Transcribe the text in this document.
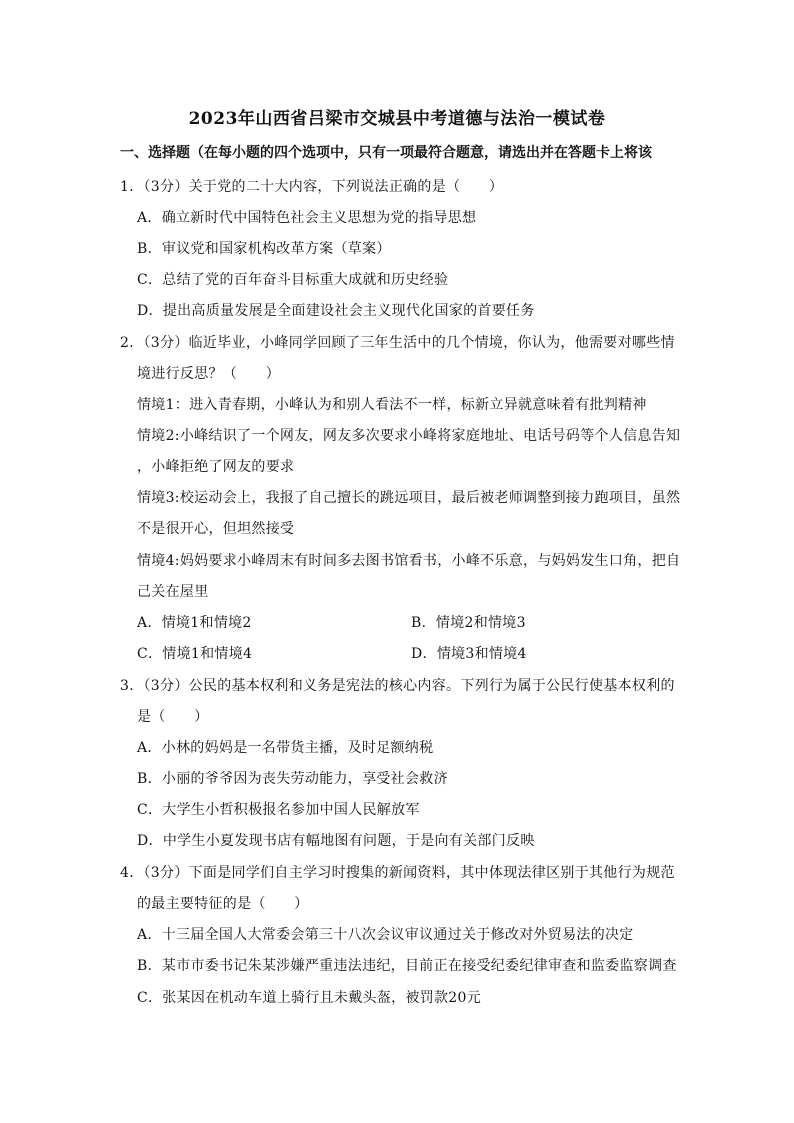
2023年山西省吕梁市交城县中考道德与法治一模试卷
一、选择题（在每小题的四个选项中，只有一项最符合题意，请选出并在答题卡上将该
1．（3分）关于党的二十大内容，下列说法正确的是（　　）
A．确立新时代中国特色社会主义思想为党的指导思想
B．审议党和国家机构改革方案（草案）
C．总结了党的百年奋斗目标重大成就和历史经验
D．提出高质量发展是全面建设社会主义现代化国家的首要任务
2．（3分）临近毕业，小峰同学回顾了三年生活中的几个情境，你认为，他需要对哪些情
境进行反思？（　　）
情境1：进入青春期，小峰认为和别人看法不一样，标新立异就意味着有批判精神
情境2:小峰结识了一个网友，网友多次要求小峰将家庭地址、电话号码等个人信息告知
，小峰拒绝了网友的要求
情境3:校运动会上，我报了自己擅长的跳远项目，最后被老师调整到接力跑项目，虽然
不是很开心，但坦然接受
情境4:妈妈要求小峰周末有时间多去图书馆看书，小峰不乐意，与妈妈发生口角，把自
己关在屋里
A．情境1和情境2	B．情境2和情境3
C．情境1和情境4	D．情境3和情境4
3．（3分）公民的基本权利和义务是宪法的核心内容。下列行为属于公民行使基本权利的
是（　　）
A．小林的妈妈是一名带货主播，及时足额纳税
B．小丽的爷爷因为丧失劳动能力，享受社会救济
C．大学生小哲积极报名参加中国人民解放军
D．中学生小夏发现书店有幅地图有问题，于是向有关部门反映
4．（3分）下面是同学们自主学习时搜集的新闻资料，其中体现法律区别于其他行为规范
的最主要特征的是（　　）
A．十三届全国人大常委会第三十八次会议审议通过关于修改对外贸易法的决定
B．某市市委书记朱某涉嫌严重违法违纪，目前正在接受纪委纪律审查和监委监察调查
C．张某因在机动车道上骑行且未戴头盔，被罚款20元
